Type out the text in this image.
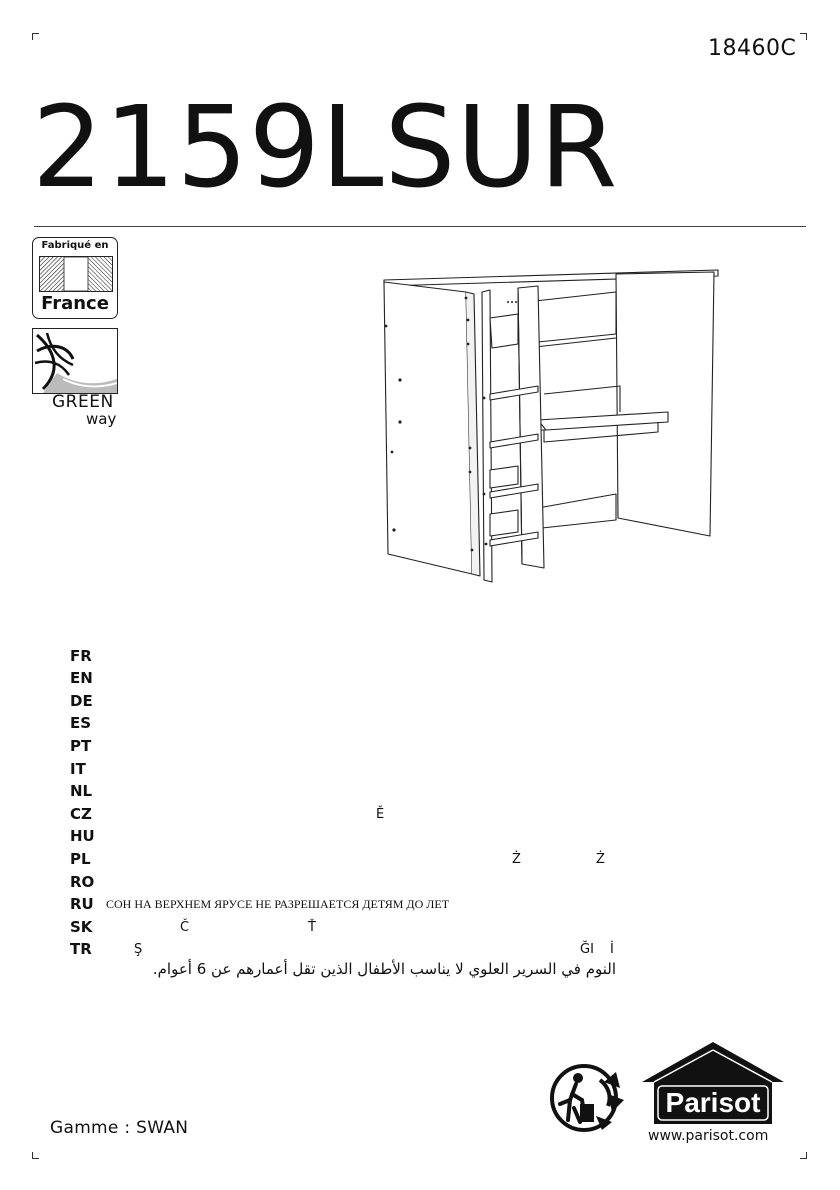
18460C
2159LSUR
Fabriqué en
France
GREEN
way
FR
EN
DE
ES
PT
IT
NL
CZ	Ě
HU
PL	Ż	Ż
RO
RU СОН НА ВЕРХНЕМ ЯРУСЕ НЕ РАЗРЕШАЕТСЯ ДЕТЯМ ДО ЛЕТ
SK	Č	Ť
TR	Ş	ĞI İ
النوم في السرير العلوي لا يناسب الأطفال الذين تقل أعمارهم عن 6 أعوام.
Gamme : SWAN
Parisot
www.parisot.com
